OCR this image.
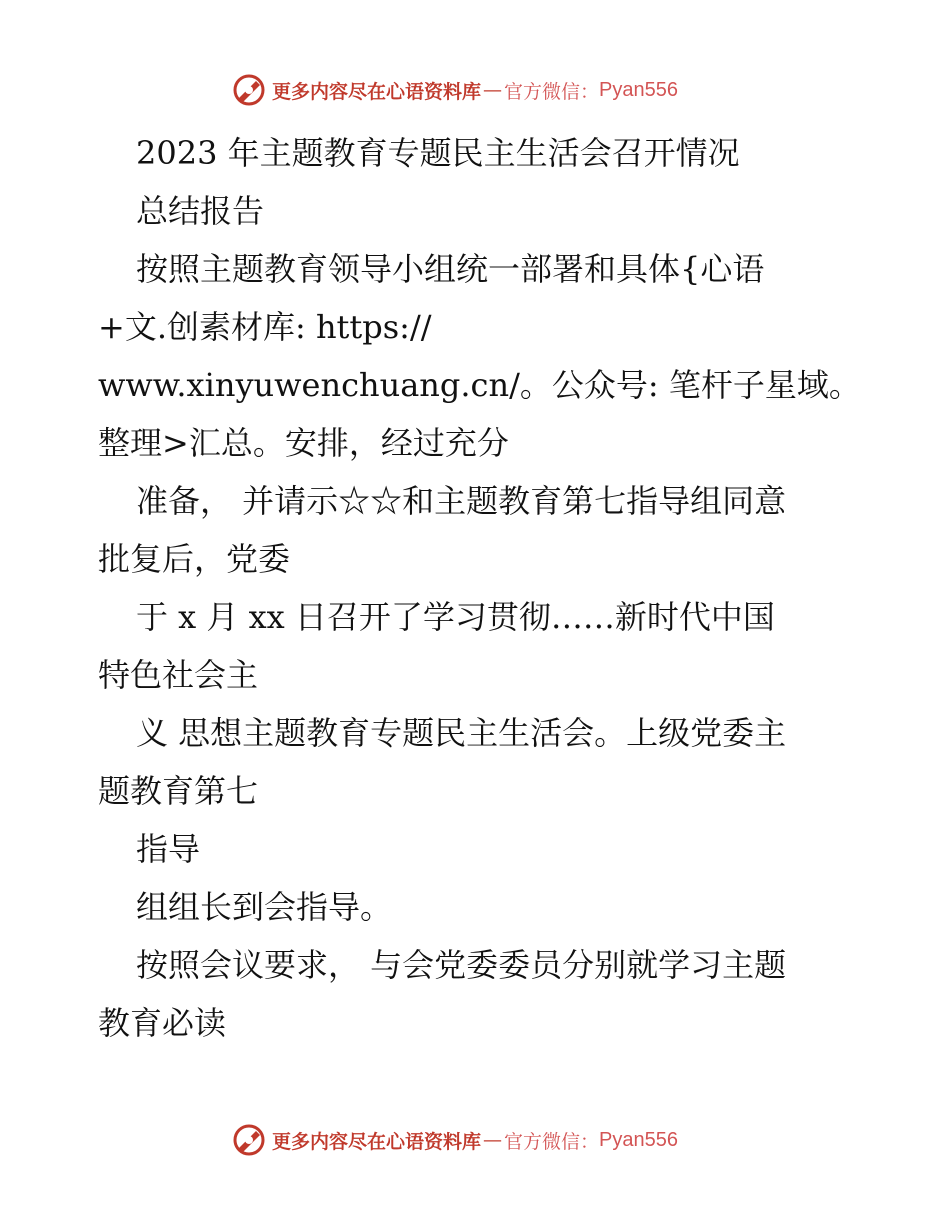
更多内容尽在心语资料库 — 官方微信： Pyan556
2023 年主题教育专题民主生活会召开情况
总结报告
按照主题教育领导小组统一部署和具体{心语
+文.创素材库: https://
www.xinyuwenchuang.cn/。公众号: 笔杆子星域。
整理>汇总。安排，经过充分
准备， 并请示☆☆和主题教育第七指导组同意
批复后，党委
于 x 月 xx 日召开了学习贯彻……新时代中国
特色社会主
义 思想主题教育专题民主生活会。上级党委主
题教育第七
指导
组组长到会指导。
按照会议要求， 与会党委委员分别就学习主题
教育必读
更多内容尽在心语资料库 — 官方微信： Pyan556
